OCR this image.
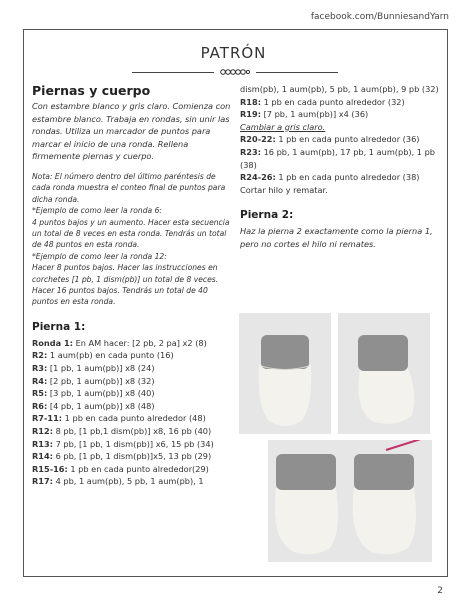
facebook.com/BunniesandYarn
PATRÓN
Piernas y cuerpo
Con estambre blanco y gris claro. Comienza con estambre blanco. Trabaja en rondas, sin unir las rondas. Utiliza un marcador de puntos para marcar el inicio de una ronda. Rellena firmemente piernas y cuerpo.
Nota: El número dentro del último paréntesis de cada ronda muestra el conteo final de puntos para dicha ronda.
*Ejemplo de como leer la ronda 6:
4 puntos bajos y un aumento. Hacer esta secuencia un total de 8 veces en esta ronda. Tendrás un total de 48 puntos en esta ronda.
*Ejemplo de como leer la ronda 12:
Hacer 8 puntos bajos. Hacer las instrucciones en corchetes [1 pb, 1 dism(pb)] un total de 8 veces. Hacer 16 puntos bajos. Tendrás un total de 40 puntos en esta ronda.
Pierna 1:
Ronda 1: En AM hacer: [2 pb, 2 pa] x2 (8)
R2: 1 aum(pb) en cada punto (16)
R3: [1 pb, 1 aum(pb)] x8 (24)
R4: [2 pb, 1 aum(pb)] x8 (32)
R5: [3 pb, 1 aum(pb)] x8 (40)
R6: [4 pb, 1 aum(pb)] x8 (48)
R7-11: 1 pb en cada punto alrededor (48)
R12: 8 pb, [1 pb,1 dism(pb)] x8, 16 pb (40)
R13: 7 pb, [1 pb, 1 dism(pb)] x6, 15 pb (34)
R14: 6 pb, [1 pb, 1 dism(pb)]x5, 13 pb (29)
R15-16: 1 pb en cada punto alrededor(29)
R17: 4 pb, 1 aum(pb), 5 pb, 1 aum(pb), 1
dism(pb), 1 aum(pb), 5 pb, 1 aum(pb), 9 pb (32)
R18: 1 pb en cada punto alrededor (32)
R19: [7 pb, 1 aum(pb)] x4 (36)
Cambiar a gris claro.
R20-22: 1 pb en cada punto alrededor (36)
R23: 16 pb, 1 aum(pb), 17 pb, 1 aum(pb), 1 pb (38)
R24-26: 1 pb en cada punto alrededor (38)
Cortar hilo y rematar.
Pierna 2:
Haz la pierna 2 exactamente como la pierna 1, pero no cortes el hilo ni remates.
2
